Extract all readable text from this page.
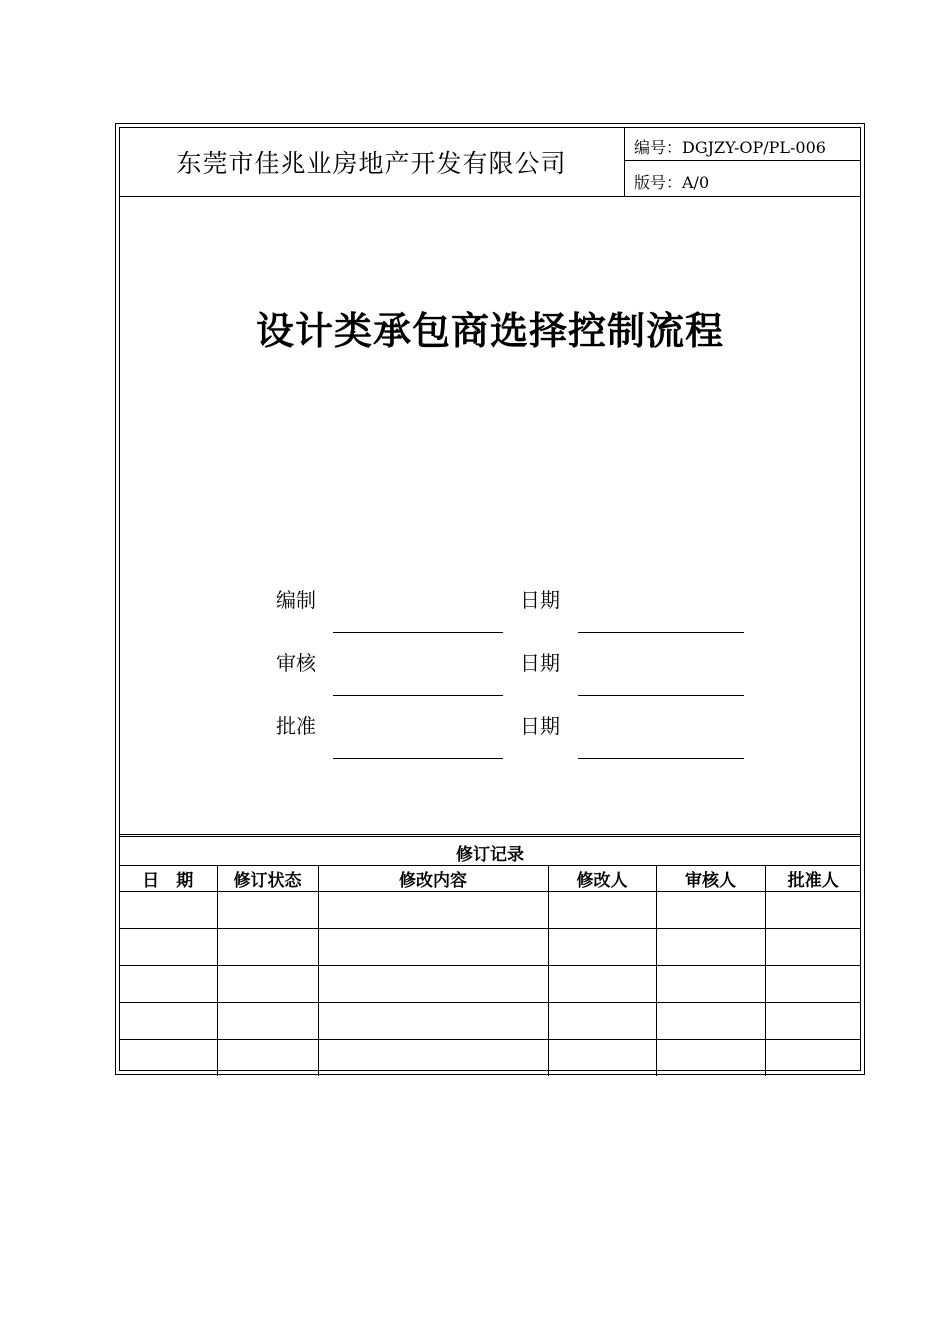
东莞市佳兆业房地产开发有限公司
编号：DGJZY-OP/PL-006
版号：A/0
设计类承包商选择控制流程
编制	日期
审核	日期
批准	日期
修订记录
日　期	修订状态	修改内容	修改人	审核人	批准人
